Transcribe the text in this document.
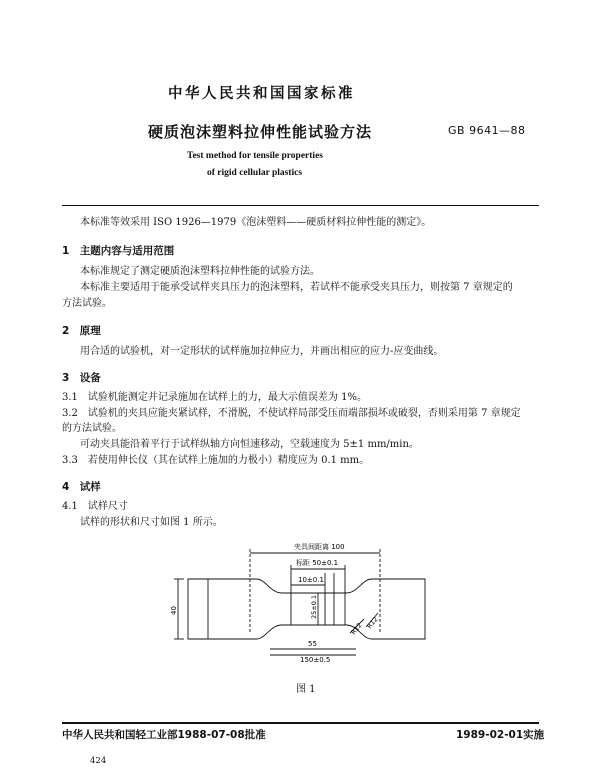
中华人民共和国国家标准
硬质泡沫塑料拉伸性能试验方法	GB 9641—88
Test method for tensile properties
of rigid cellular plastics
本标准等效采用 ISO 1926—1979《泡沫塑料——硬质材料拉伸性能的测定》。
1　主题内容与适用范围
本标准规定了测定硬质泡沫塑料拉伸性能的试验方法。
本标准主要适用于能承受试样夹具压力的泡沫塑料，若试样不能承受夹具压力，则按第 7 章规定的
方法试验。
2　原理
用合适的试验机，对一定形状的试样施加拉伸应力，并画出相应的应力-应变曲线。
3　设备
3.1　试验机能测定并记录施加在试样上的力，最大示值误差为 1%。
3.2　试验机的夹具应能夹紧试样，不滑脱，不使试样局部受压而端部损坏或破裂，否则采用第 7 章规定
的方法试验。
可动夹具能沿着平行于试样纵轴方向恒速移动，空载速度为 5±1 mm/min。
3.3　若使用伸长仪（其在试样上施加的力极小）精度应为 0.1 mm。
4　试样
4.1　试样尺寸
试样的形状和尺寸如图 1 所示。
夹具间距离 100
标距 50±0.1
10±0.1
25±0.1
40
55
150±0.5
R12 R12
图 1
中华人民共和国轻工业部1988-07-08批准	1989-02-01实施
424
